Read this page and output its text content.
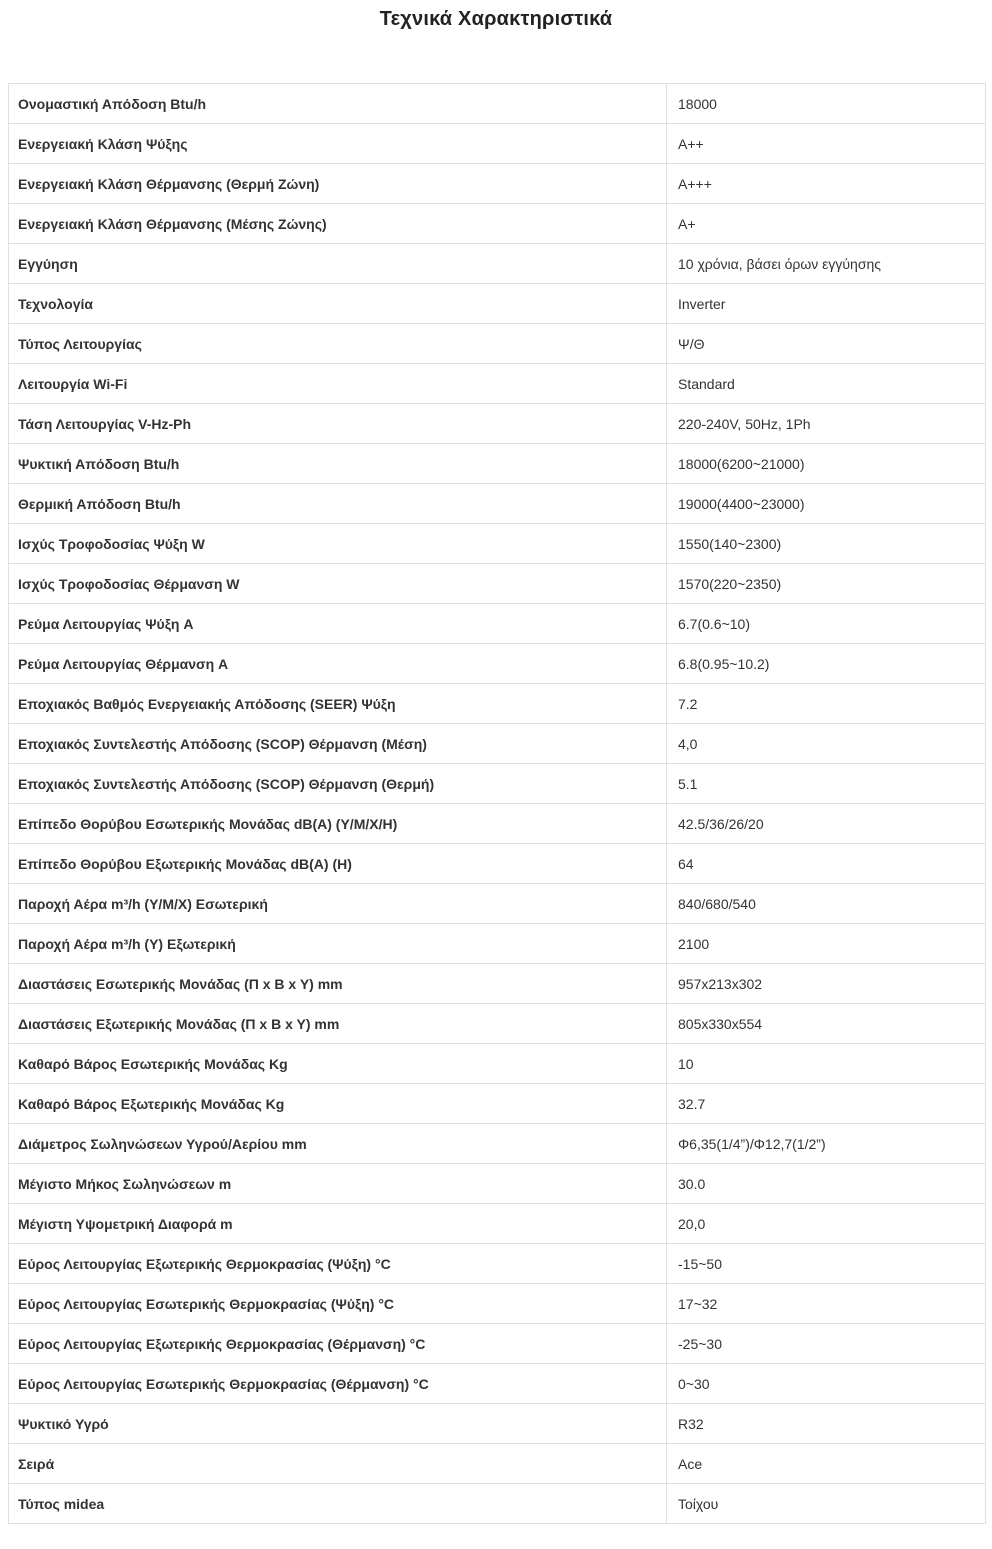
Τεχνικά Χαρακτηριστικά
Ονομαστική Απόδοση Btu/h	18000
Ενεργειακή Κλάση Ψύξης	A++
Ενεργειακή Κλάση Θέρμανσης (Θερμή Ζώνη)	A+++
Ενεργειακή Κλάση Θέρμανσης (Μέσης Ζώνης)	A+
Εγγύηση	10 χρόνια, βάσει όρων εγγύησης
Τεχνολογία	Inverter
Τύπος Λειτουργίας	Ψ/Θ
Λειτουργία Wi-Fi	Standard
Τάση Λειτουργίας V-Hz-Ph	220-240V, 50Hz, 1Ph
Ψυκτική Απόδοση Btu/h	18000(6200~21000)
Θερμική Απόδοση Btu/h	19000(4400~23000)
Ισχύς Τροφοδοσίας Ψύξη W	1550(140~2300)
Ισχύς Τροφοδοσίας Θέρμανση W	1570(220~2350)
Ρεύμα Λειτουργίας Ψύξη A	6.7(0.6~10)
Ρεύμα Λειτουργίας Θέρμανση A	6.8(0.95~10.2)
Εποχιακός Βαθμός Ενεργειακής Απόδοσης (SEER) Ψύξη	7.2
Εποχιακός Συντελεστής Απόδοσης (SCOP) Θέρμανση (Μέση)	4,0
Εποχιακός Συντελεστής Απόδοσης (SCOP) Θέρμανση (Θερμή)	5.1
Επίπεδο Θορύβου Εσωτερικής Μονάδας dB(A) (Y/M/X/H)	42.5/36/26/20
Επίπεδο Θορύβου Εξωτερικής Μονάδας dB(A) (H)	64
Παροχή Αέρα m³/h (Y/M/X) Εσωτερική	840/680/540
Παροχή Αέρα m³/h (Y) Εξωτερική	2100
Διαστάσεις Εσωτερικής Μονάδας (Π x B x Y) mm	957x213x302
Διαστάσεις Εξωτερικής Μονάδας (Π x B x Y) mm	805x330x554
Καθαρό Βάρος Εσωτερικής Μονάδας Kg	10
Καθαρό Βάρος Εξωτερικής Μονάδας Kg	32.7
Διάμετρος Σωληνώσεων Υγρού/Αερίου mm	Φ6,35(1/4”)/Φ12,7(1/2”)
Μέγιστο Μήκος Σωληνώσεων m	30.0
Μέγιστη Υψομετρική Διαφορά m	20,0
Εύρος Λειτουργίας Εξωτερικής Θερμοκρασίας (Ψύξη) °C	-15~50
Εύρος Λειτουργίας Εσωτερικής Θερμοκρασίας (Ψύξη) °C	17~32
Εύρος Λειτουργίας Εξωτερικής Θερμοκρασίας (Θέρμανση) °C	-25~30
Εύρος Λειτουργίας Εσωτερικής Θερμοκρασίας (Θέρμανση) °C	0~30
Ψυκτικό Υγρό	R32
Σειρά	Ace
Τύπος midea	Τοίχου
